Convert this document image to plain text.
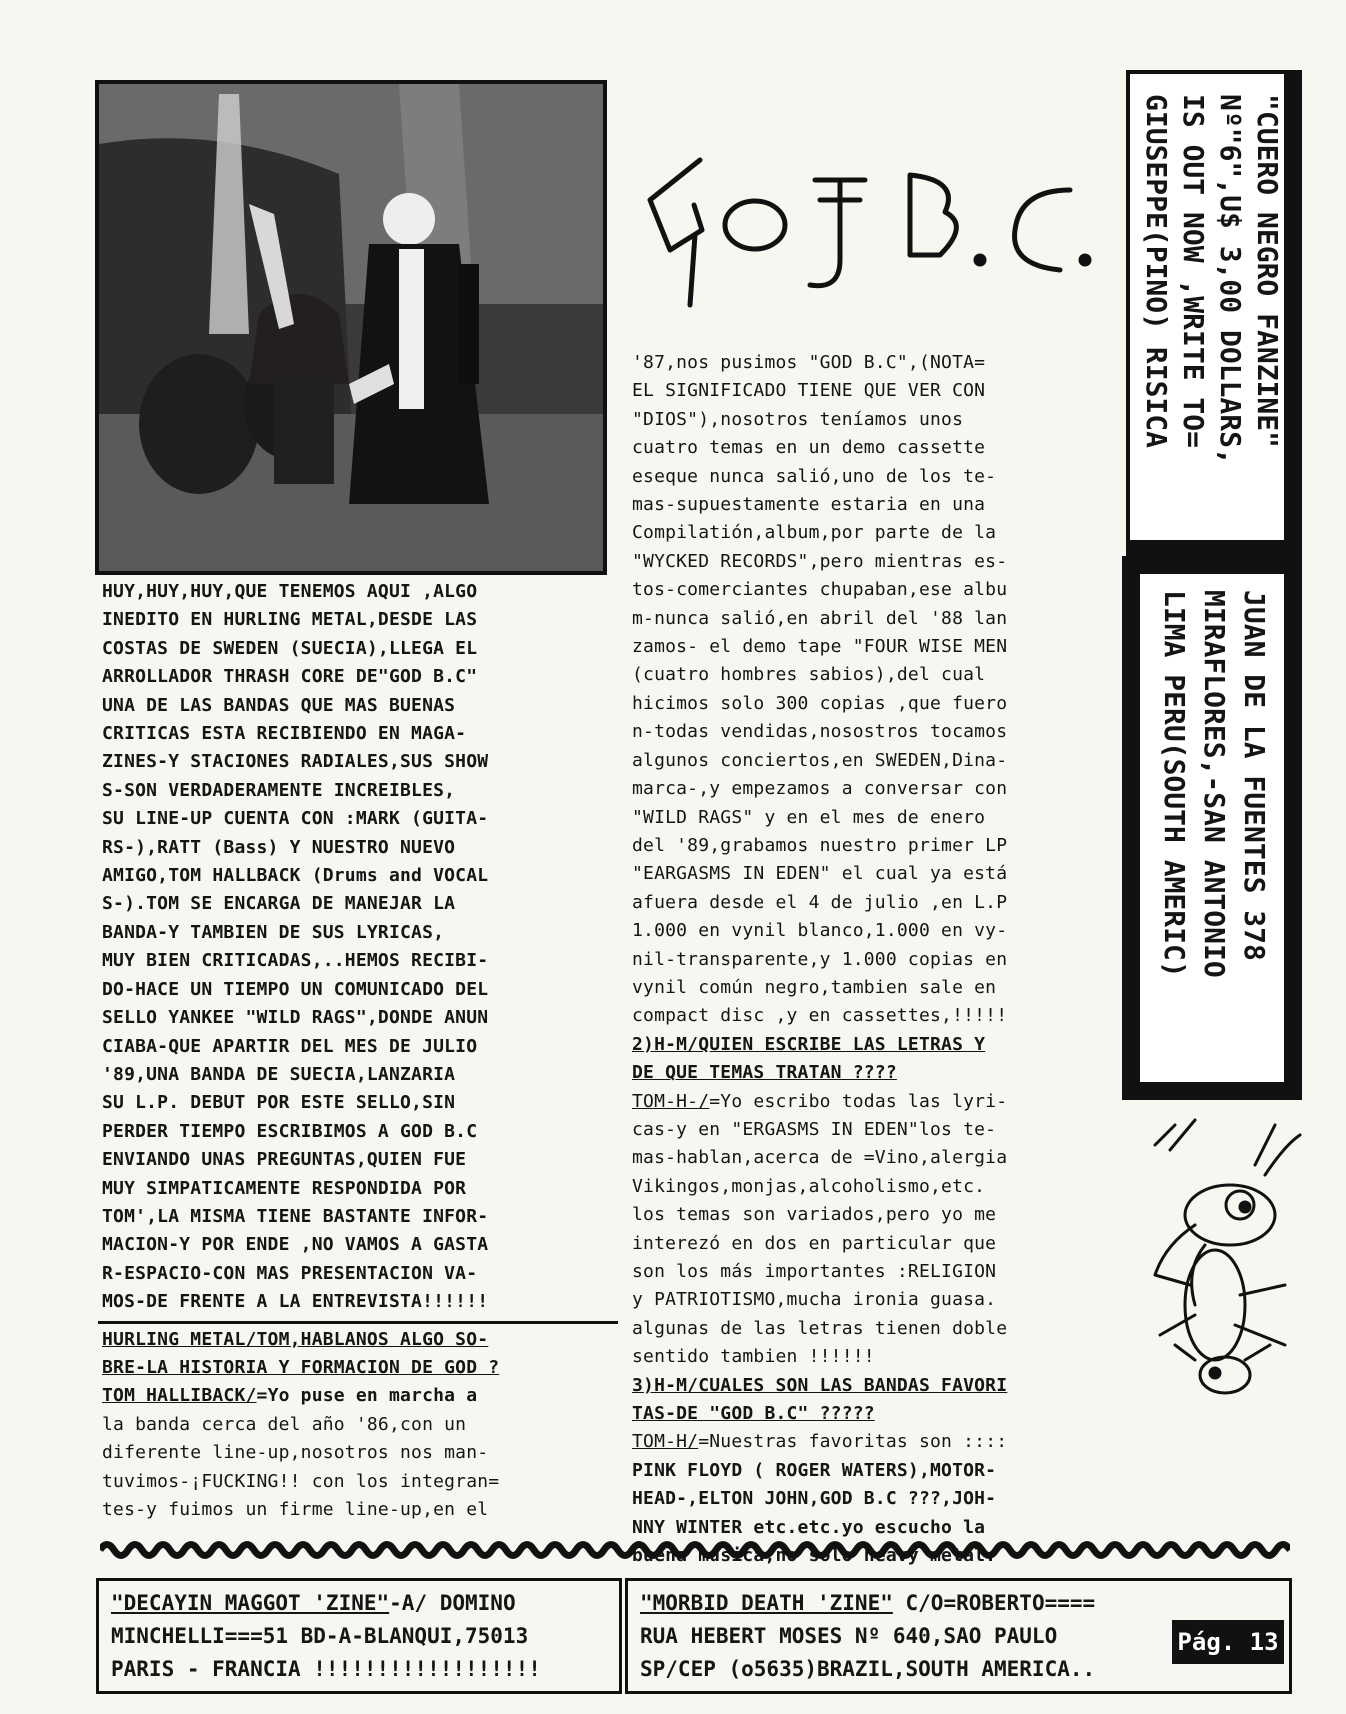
HUY,HUY,HUY,QUE TENEMOS AQUI ,ALGO
INEDITO EN HURLING METAL,DESDE LAS
COSTAS DE SWEDEN (SUECIA),LLEGA EL
ARROLLADOR THRASH CORE DE"GOD B.C"
UNA DE LAS BANDAS QUE MAS BUENAS
CRITICAS ESTA RECIBIENDO EN MAGA-
ZINES-Y STACIONES RADIALES,SUS SHOW
S-SON VERDADERAMENTE INCREIBLES,
SU LINE-UP CUENTA CON :MARK (GUITA-
RS-),RATT (Bass) Y NUESTRO NUEVO
AMIGO,TOM HALLBACK (Drums and VOCAL
S-).TOM SE ENCARGA DE MANEJAR LA
BANDA-Y TAMBIEN DE SUS LYRICAS,
MUY BIEN CRITICADAS,..HEMOS RECIBI-
DO-HACE UN TIEMPO UN COMUNICADO DEL
SELLO YANKEE "WILD RAGS",DONDE ANUN
CIABA-QUE APARTIR DEL MES DE JULIO
'89,UNA BANDA DE SUECIA,LANZARIA
SU L.P. DEBUT POR ESTE SELLO,SIN
PERDER TIEMPO ESCRIBIMOS A GOD B.C
ENVIANDO UNAS PREGUNTAS,QUIEN FUE
MUY SIMPATICAMENTE RESPONDIDA POR
TOM',LA MISMA TIENE BASTANTE INFOR-
MACION-Y POR ENDE ,NO VAMOS A GASTA
R-ESPACIO-CON MAS PRESENTACION VA-
MOS-DE FRENTE A LA ENTREVISTA!!!!!!
HURLING METAL/TOM,HABLANOS ALGO SO-
BRE-LA HISTORIA Y FORMACION DE GOD ?
TOM HALLIBACK/=Yo puse en marcha a
la banda cerca del año '86,con un
diferente line-up,nosotros nos man-
tuvimos-¡FUCKING!! con los integran=
tes-y fuimos un firme line-up,en el
'87,nos pusimos "GOD B.C",(NOTA=
EL SIGNIFICADO TIENE QUE VER CON
"DIOS"),nosotros teníamos unos
cuatro temas en un demo cassette
eseque nunca salió,uno de los te-
mas-supuestamente estaria en una
Compilatión,album,por parte de la
"WYCKED RECORDS",pero mientras es-
tos-comerciantes chupaban,ese albu
m-nunca salió,en abril del '88 lan
zamos- el demo tape "FOUR WISE MEN
(cuatro hombres sabios),del cual
hicimos solo 300 copias ,que fuero
n-todas vendidas,nosostros tocamos
algunos conciertos,en SWEDEN,Dina-
marca-,y empezamos a conversar con
"WILD RAGS" y en el mes de enero
del '89,grabamos nuestro primer LP
"EARGASMS IN EDEN" el cual ya está
afuera desde el 4 de julio ,en L.P
1.000 en vynil blanco,1.000 en vy-
nil-transparente,y 1.000 copias en
vynil común negro,tambien sale en
compact disc ,y en cassettes,!!!!!
2)H-M/QUIEN ESCRIBE LAS LETRAS Y
DE QUE TEMAS TRATAN ????
TOM-H-/=Yo escribo todas las lyri-
cas-y en "ERGASMS IN EDEN"los te-
mas-hablan,acerca de =Vino,alergia
Vikingos,monjas,alcoholismo,etc.
los temas son variados,pero yo me
interezó en dos en particular que
son los más importantes :RELIGION
y PATRIOTISMO,mucha ironia guasa.
algunas de las letras tienen doble
sentido tambien !!!!!!
3)H-M/CUALES SON LAS BANDAS FAVORI
TAS-DE "GOD B.C" ?????
TOM-H/=Nuestras favoritas son ::::
PINK FLOYD ( ROGER WATERS),MOTOR-
HEAD-,ELTON JOHN,GOD B.C ???,JOH-
NNY WINTER etc.etc.yo escucho la
buena música,no solo heavy metal.
"CUERO NEGRO FANZINE"
Nº"6",U$ 3,00 DOLLARS,
IS OUT NOW ,WRITE TO=
GIUSEPPE(PINO) RISICA
JUAN DE LA FUENTES 378
MIRAFLORES,-SAN ANTONIO
LIMA PERU(SOUTH AMERIC)
"DECAYIN MAGGOT 'ZINE"-A/ DOMINO
MINCHELLI===51 BD-A-BLANQUI,75013
PARIS - FRANCIA !!!!!!!!!!!!!!!!!!
"MORBID DEATH 'ZINE" C/O=ROBERTO====
RUA HEBERT MOSES Nº 640,SAO PAULO
SP/CEP (o5635)BRAZIL,SOUTH AMERICA..
Pág. 13
